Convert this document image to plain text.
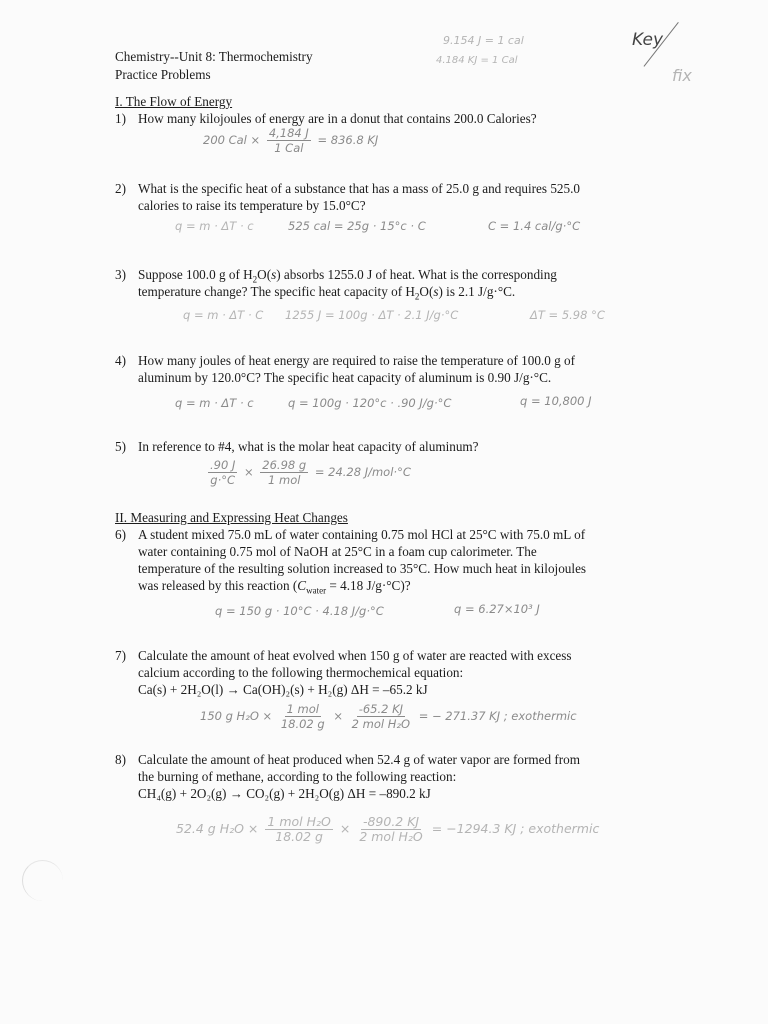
Chemistry--Unit 8: Thermochemistry
Practice Problems
9.154 J = 1 cal
4.184 KJ = 1 Cal
Key
fix
I. The Flow of Energy
1) How many kilojoules of energy are in a donut that contains 200.0 Calories?
200 Cal × $\frac{4,184 J}{\text{1 Cal}} = 836.8$ KJ
2) What is the specific heat of a substance that has a mass of 25.0 g and requires 525.0
calories to raise its temperature by 15.0°C?
q = m · ΔT · c	525 cal = 25g · 15°c · C	C = 1.4 cal/g·°C
3) Suppose 100.0 g of $H_2O(s)$ absorbs 1255.0 J of heat. What is the corresponding
temperature change? The specific heat capacity of $H_2O(s)$ is 2.1 J/g·°C.
q = m · ΔT · C 1255 J = 100g · ΔT · 2.1 J/g·°C	ΔT = 5.98 °C
4) How many joules of heat energy are required to raise the temperature of 100.0 g of
aluminum by 120.0°C? The specific heat capacity of aluminum is 0.90 J/g·°C.
q = m · ΔT · c	q = 100g · 120°c · .90 J/g·°C	q = 10,800 J
5) In reference to #4, what is the molar heat capacity of aluminum?
$\frac{.90 J}{g\cdot^\circ C} \times \frac{26.98 g}{\text{1 mol}} = 24.28$ J/mol·°C
II. Measuring and Expressing Heat Changes
6) A student mixed 75.0 mL of water containing 0.75 mol HCl at 25°C with 75.0 mL of
water containing 0.75 mol of NaOH at 25°C in a foam cup calorimeter. The
temperature of the resulting solution increased to 35°C. How much heat in kilojoules
was released by this reaction ($C_{water} = 4.18$ J/g·°C)?
q = 150 g · 10°C · 4.18 J/g·°C	q = 6.27×10³ J
7) Calculate the amount of heat evolved when 150 g of water are reacted with excess
calcium according to the following thermochemical equation:
Ca(s) + 2H₂O(l) → Ca(OH)₂(s) + H₂(g) ΔH = –65.2 kJ
150 g $H_2O \times \frac{\text{1 mol}}{18.02 g} \times \frac{-65.2 KJ}{\text{2 mol H₂O}}$ = − 271.37 KJ ; exothermic
8) Calculate the amount of heat produced when 52.4 g of water vapor are formed from
the burning of methane, according to the following reaction:
CH₄(g) + 2O₂(g) → CO₂(g) + 2H₂O(g) ΔH = –890.2 kJ
52.4 g $H_2O \times \frac{\text{1 mol H₂O}}{18.02 g} \times \frac{-890.2 KJ}{\text{2 mol H₂O}} = -1294.3$ KJ ; exothermic
